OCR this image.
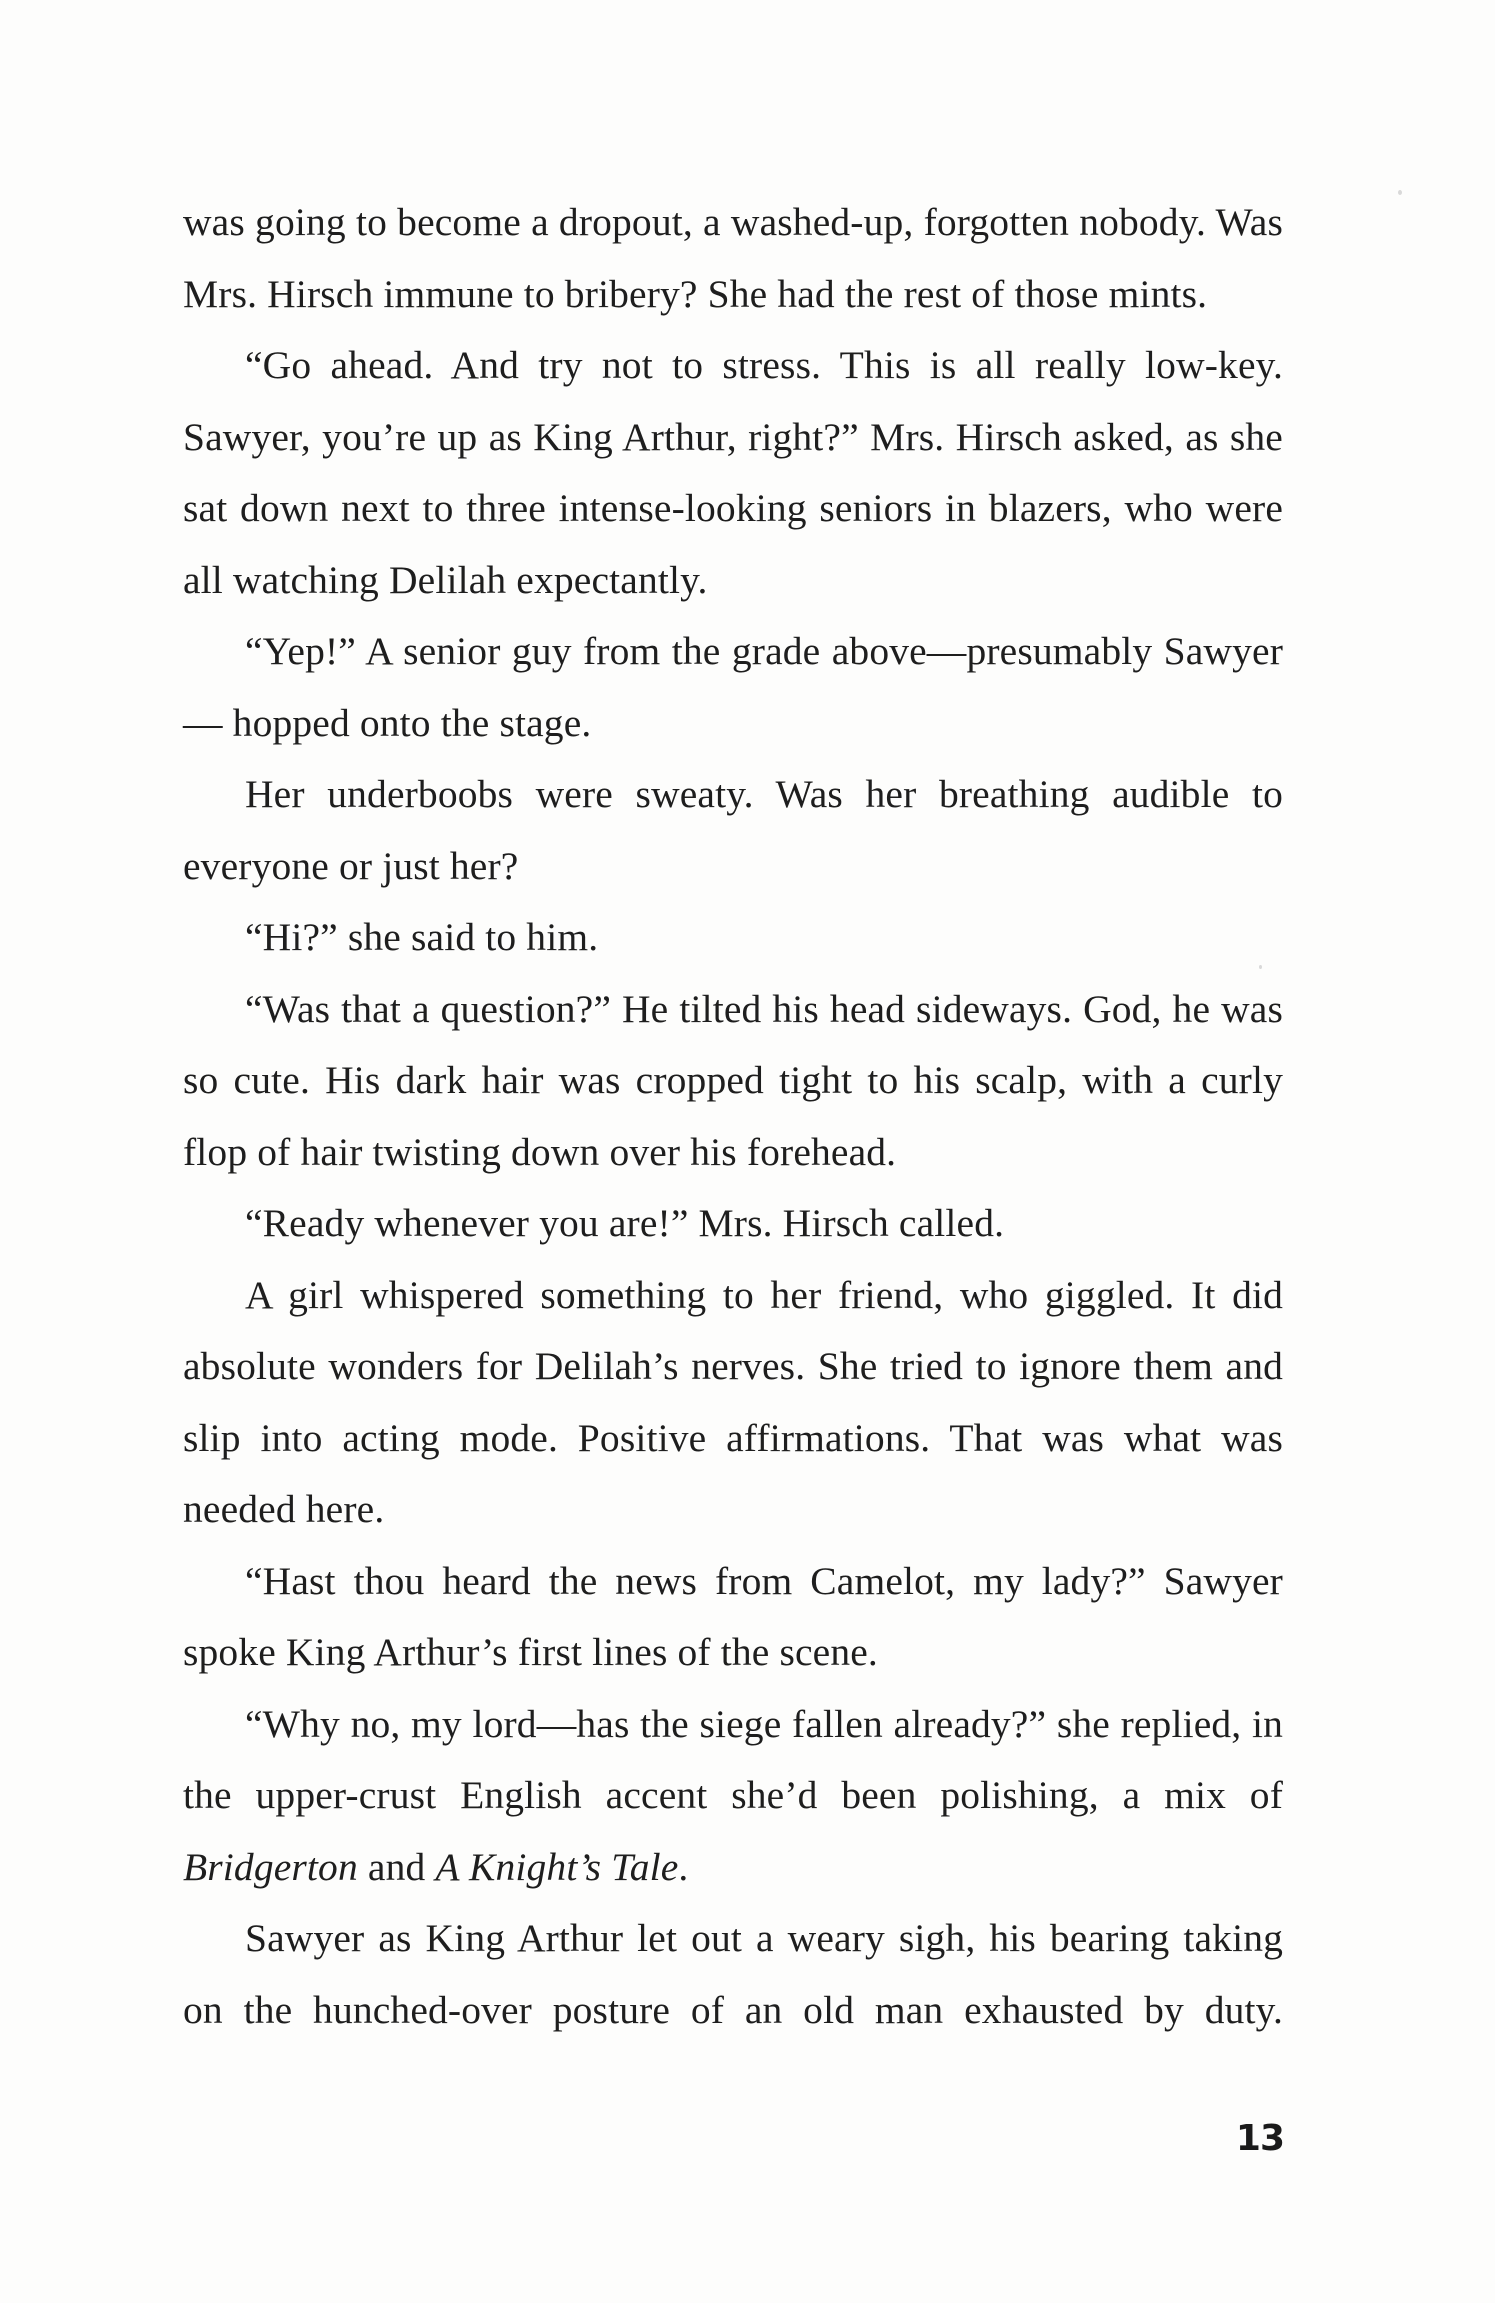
was going to become a dropout, a washed-up, forgotten nobody. Was Mrs. Hirsch immune to bribery? She had the rest of those mints.

“Go ahead. And try not to stress. This is all really low-key. Sawyer, you’re up as King Arthur, right?” Mrs. Hirsch asked, as she sat down next to three intense-looking seniors in blazers, who were all watching Delilah expectantly.

“Yep!” A senior guy from the grade above—presumably Sawyer— hopped onto the stage.

Her underboobs were sweaty. Was her breathing audible to everyone or just her?

“Hi?” she said to him.

“Was that a question?” He tilted his head sideways. God, he was so cute. His dark hair was cropped tight to his scalp, with a curly flop of hair twisting down over his forehead.

“Ready whenever you are!” Mrs. Hirsch called.

A girl whispered something to her friend, who giggled. It did absolute wonders for Delilah’s nerves. She tried to ignore them and slip into acting mode. Positive affirmations. That was what was needed here.

“Hast thou heard the news from Camelot, my lady?” Sawyer spoke King Arthur’s first lines of the scene.

“Why no, my lord—has the siege fallen already?” she replied, in the upper-crust English accent she’d been polishing, a mix of Bridgerton and A Knight’s Tale.

Sawyer as King Arthur let out a weary sigh, his bearing taking on the hunched-over posture of an old man exhausted by duty.

13
